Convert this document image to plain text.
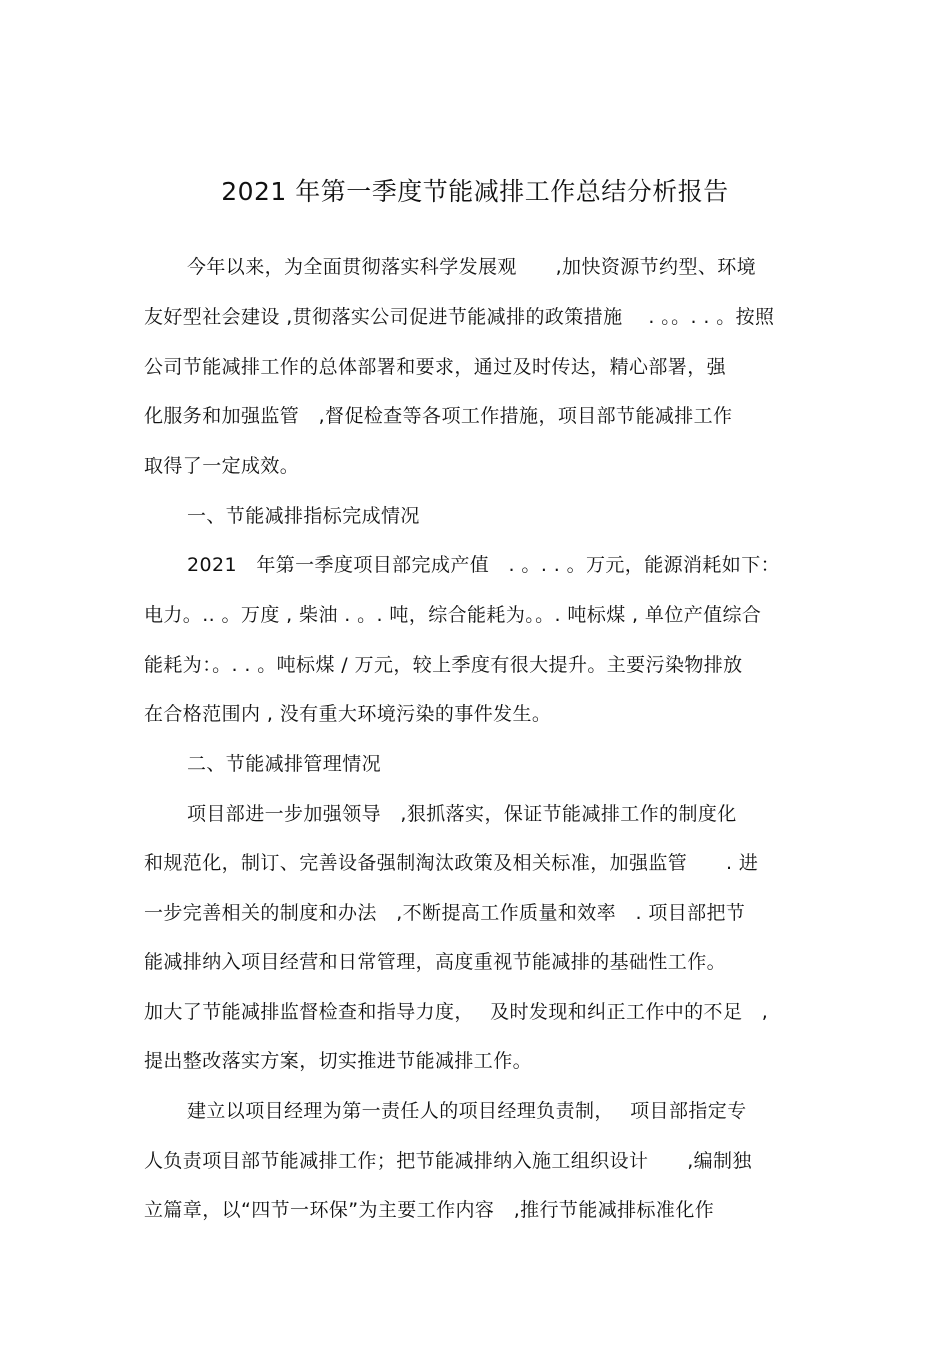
2021 年第一季度节能减排工作总结分析报告
今年以来，为全面贯彻落实科学发展观　　,加快资源节约型、环境
友好型社会建设 ,贯彻落实公司促进节能减排的政策措施　 . 。。. . 。按照
公司节能减排工作的总体部署和要求，通过及时传达，精心部署，强
化服务和加强监管　,督促检查等各项工作措施，项目部节能减排工作
取得了一定成效。
一、节能减排指标完成情况
2021　年第一季度项目部完成产值　. 。. . 。万元，能源消耗如下：
电力。.. 。万度 , 柴油 . 。. 吨，综合能耗为。。. 吨标煤 , 单位产值综合
能耗为：。. . 。吨标煤 / 万元，较上季度有很大提升。主要污染物排放
在合格范围内 , 没有重大环境污染的事件发生。
二、节能减排管理情况
项目部进一步加强领导　,狠抓落实，保证节能减排工作的制度化
和规范化，制订、完善设备强制淘汰政策及相关标准，加强监管　　. 进
一步完善相关的制度和办法　,不断提高工作质量和效率　. 项目部把节
能减排纳入项目经营和日常管理，高度重视节能减排的基础性工作。
加大了节能减排监督检查和指导力度，　 及时发现和纠正工作中的不足　,
提出整改落实方案，切实推进节能减排工作。
建立以项目经理为第一责任人的项目经理负责制，　 项目部指定专
人负责项目部节能减排工作；把节能减排纳入施工组织设计　　,编制独
立篇章，以“四节一环保”为主要工作内容　,推行节能减排标准化作
